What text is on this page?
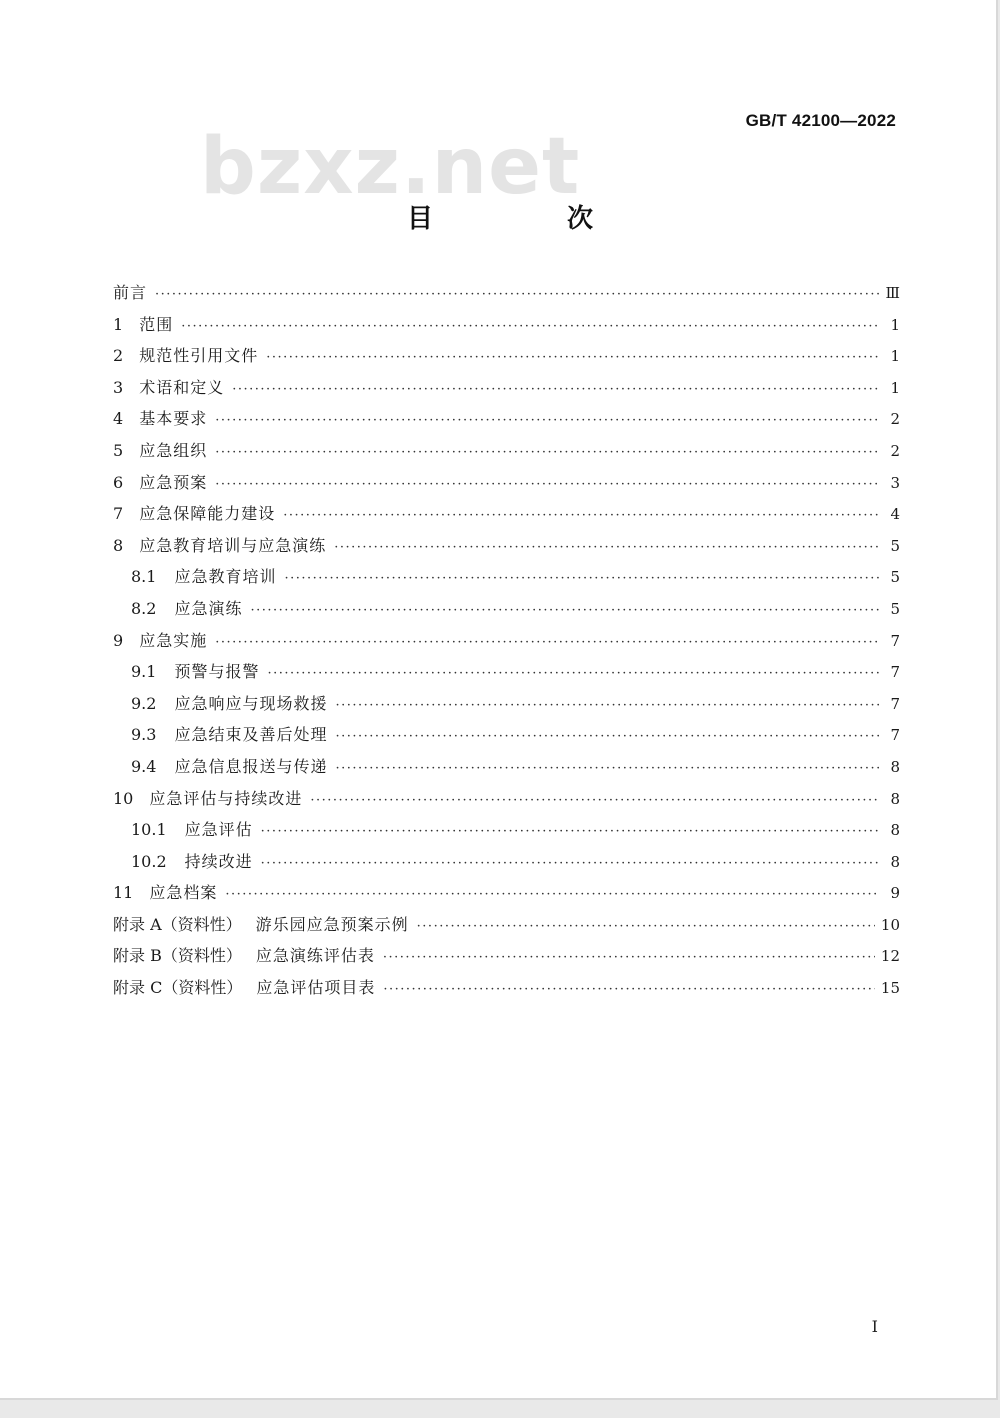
bzxz.net
GB/T 42100—2022
目　次
前言 ·····	Ⅲ
1 范围 ·····	1
2 规范性引用文件 ·····	1
3 术语和定义 ·····	1
4 基本要求 ·····	2
5 应急组织 ·····	2
6 应急预案 ·····	3
7 应急保障能力建设 ·····	4
8 应急教育培训与应急演练 ·····	5
8.1 应急教育培训 ·····	5
8.2 应急演练 ·····	5
9 应急实施 ·····	7
9.1 预警与报警 ·····	7
9.2 应急响应与现场救援 ·····	7
9.3 应急结束及善后处理 ·····	7
9.4 应急信息报送与传递 ·····	8
10 应急评估与持续改进 ·····	8
10.1 应急评估 ·····	8
10.2 持续改进 ·····	8
11 应急档案 ·····	9
附录 A（资料性） 游乐园应急预案示例 ·····	10
附录 B（资料性） 应急演练评估表 ·····	12
附录 C（资料性） 应急评估项目表 ·····	15
I
